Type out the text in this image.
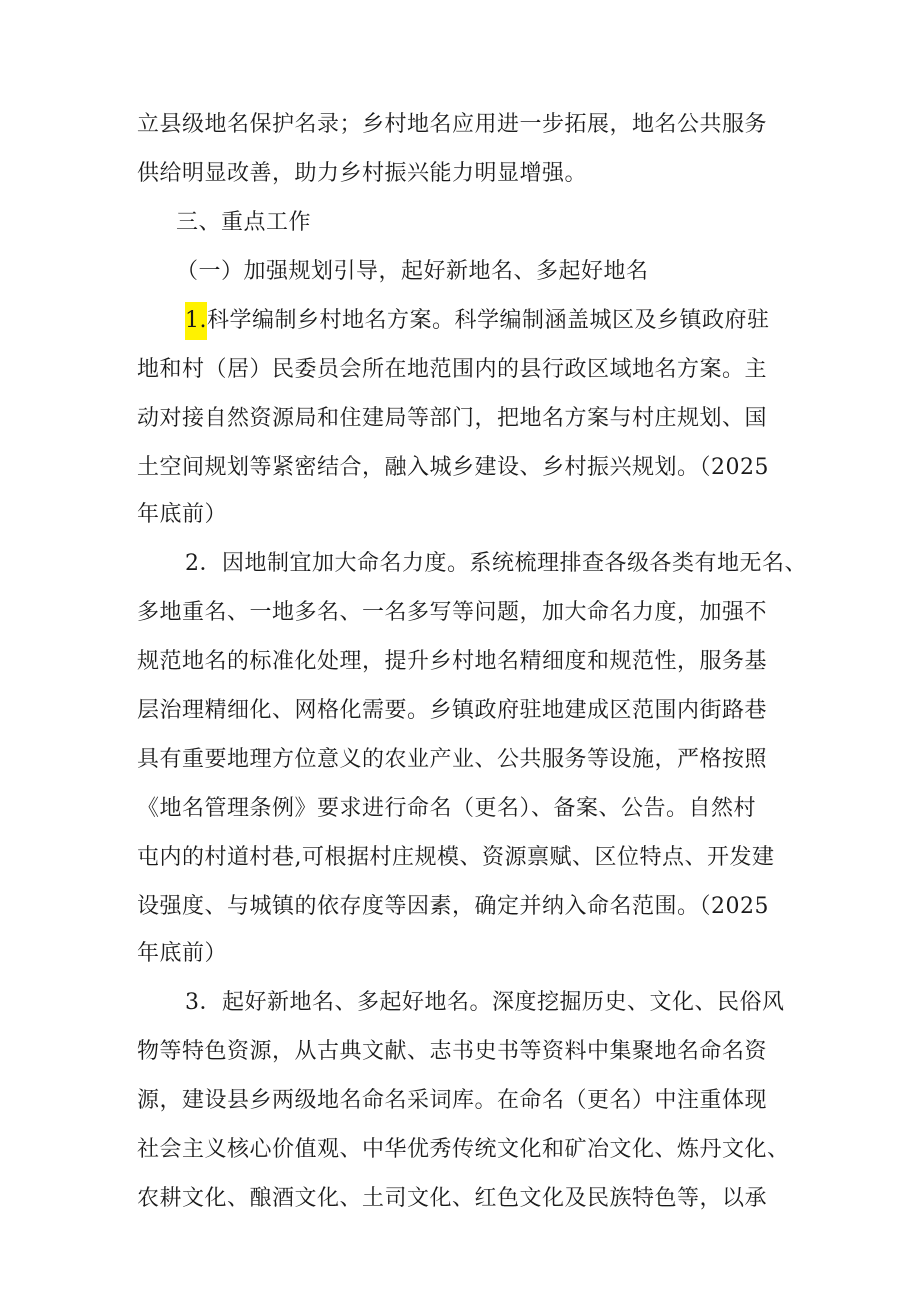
立县级地名保护名录；乡村地名应用进一步拓展，地名公共服务
供给明显改善，助力乡村振兴能力明显增强。
三、重点工作
（一）加强规划引导，起好新地名、多起好地名
1.科学编制乡村地名方案。科学编制涵盖城区及乡镇政府驻
地和村（居）民委员会所在地范围内的县行政区域地名方案。主
动对接自然资源局和住建局等部门，把地名方案与村庄规划、国
土空间规划等紧密结合，融入城乡建设、乡村振兴规划。（2025
年底前）
2．因地制宜加大命名力度。系统梳理排查各级各类有地无名、
多地重名、一地多名、一名多写等问题，加大命名力度，加强不
规范地名的标准化处理，提升乡村地名精细度和规范性，服务基
层治理精细化、网格化需要。乡镇政府驻地建成区范围内街路巷
具有重要地理方位意义的农业产业、公共服务等设施，严格按照
《地名管理条例》要求进行命名（更名）、备案、公告。自然村
屯内的村道村巷,可根据村庄规模、资源禀赋、区位特点、开发建
设强度、与城镇的依存度等因素，确定并纳入命名范围。（2025
年底前）
3．起好新地名、多起好地名。深度挖掘历史、文化、民俗风
物等特色资源，从古典文献、志书史书等资料中集聚地名命名资
源，建设县乡两级地名命名采词库。在命名（更名）中注重体现
社会主义核心价值观、中华优秀传统文化和矿冶文化、炼丹文化、
农耕文化、酿酒文化、土司文化、红色文化及民族特色等，以承
